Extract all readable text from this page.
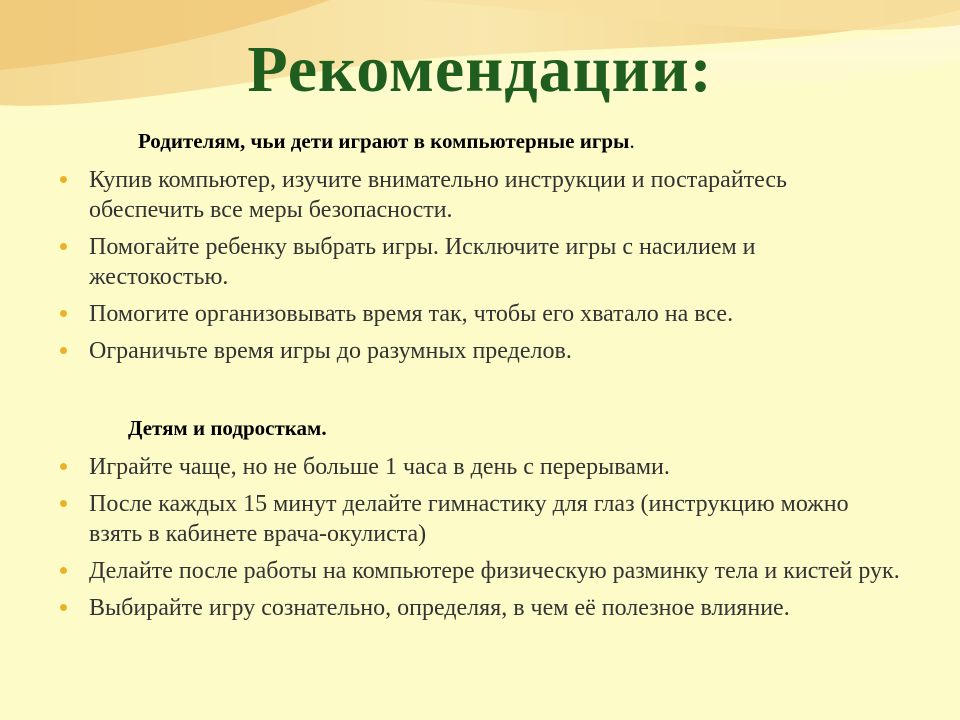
Рекомендации:
Родителям, чьи дети играют в компьютерные игры.
Купив компьютер, изучите внимательно инструкции и постарайтесь обеспечить все меры безопасности.
Помогайте ребенку выбрать игры. Исключите игры с насилием и жестокостью.
Помогите организовывать время так, чтобы его хватало на все.
Ограничьте время игры до разумных пределов.
Детям и подросткам.
Играйте чаще, но не больше 1 часа в день с перерывами.
После каждых 15 минут делайте гимнастику для глаз (инструкцию можно взять в кабинете врача-окулиста)
Делайте после работы на компьютере физическую разминку тела и кистей рук.
Выбирайте игру сознательно, определяя, в чем её полезное влияние.
